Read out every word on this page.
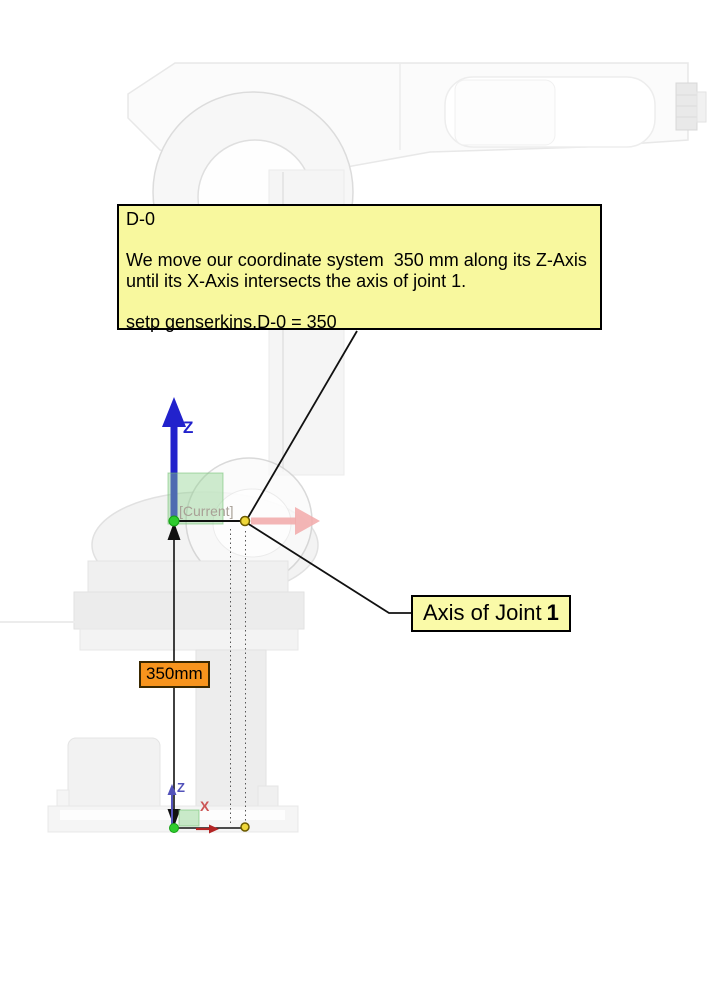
D-0
We move our coordinate system  350 mm along its Z-Axis
until its X-Axis intersects the axis of joint 1.
setp genserkins.D-0 = 350
Axis of Joint 1
350mm
[Current]
Z
Z
X
